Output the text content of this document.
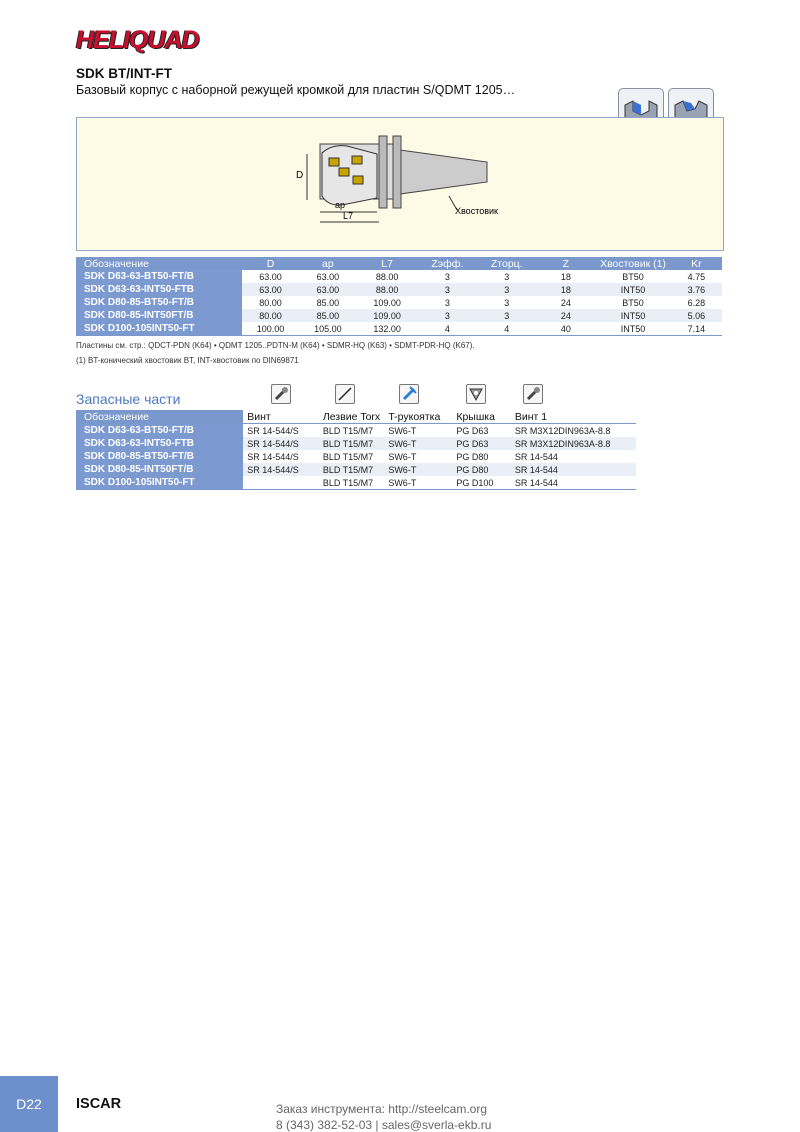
HELIQUAD
SDK BT/INT-FT
Базовый корпус с наборной режущей кромкой для пластин S/QDMT 1205…
D
ap
L7	Хвостовик
Обозначение	D	ap	L7	Zэфф.	Zторц.	Z	Хвостовик (1)	Kr
SDK D63-63-BT50-FT/B	63.00	63.00	88.00	3	3	18	BT50	4.75
SDK D63-63-INT50-FTB	63.00	63.00	88.00	3	3	18	INT50	3.76
SDK D80-85-BT50-FT/B	80.00	85.00	109.00	3	3	24	BT50	6.28
SDK D80-85-INT50FT/B	80.00	85.00	109.00	3	3	24	INT50	5.06
SDK D100-105INT50-FT	100.00	105.00	132.00	4	4	40	INT50	7.14
Пластины см. стр.: QDCT-PDN (K64) • QDMT 1205..PDTN-M (K64) • SDMR-HQ (K63) • SDMT-PDR-HQ (K67).
(1) BT-конический хвостовик BT, INT-хвостовик по DIN69871
Запасные части
Обозначение	Винт	Лезвие Torx	T-рукоятка	Крышка	Винт 1
SDK D63-63-BT50-FT/B	SR 14-544/S	BLD T15/M7	SW6-T	PG D63	SR M3X12DIN963A-8.8
SDK D63-63-INT50-FTB	SR 14-544/S	BLD T15/M7	SW6-T	PG D63	SR M3X12DIN963A-8.8
SDK D80-85-BT50-FT/B	SR 14-544/S	BLD T15/M7	SW6-T	PG D80	SR 14-544
SDK D80-85-INT50FT/B	SR 14-544/S	BLD T15/M7	SW6-T	PG D80	SR 14-544
SDK D100-105INT50-FT		BLD T15/M7	SW6-T	PG D100	SR 14-544
D22 ISCAR	Заказ инструмента: http://steelcam.org
8 (343) 382-52-03 | sales@sverla-ekb.ru
